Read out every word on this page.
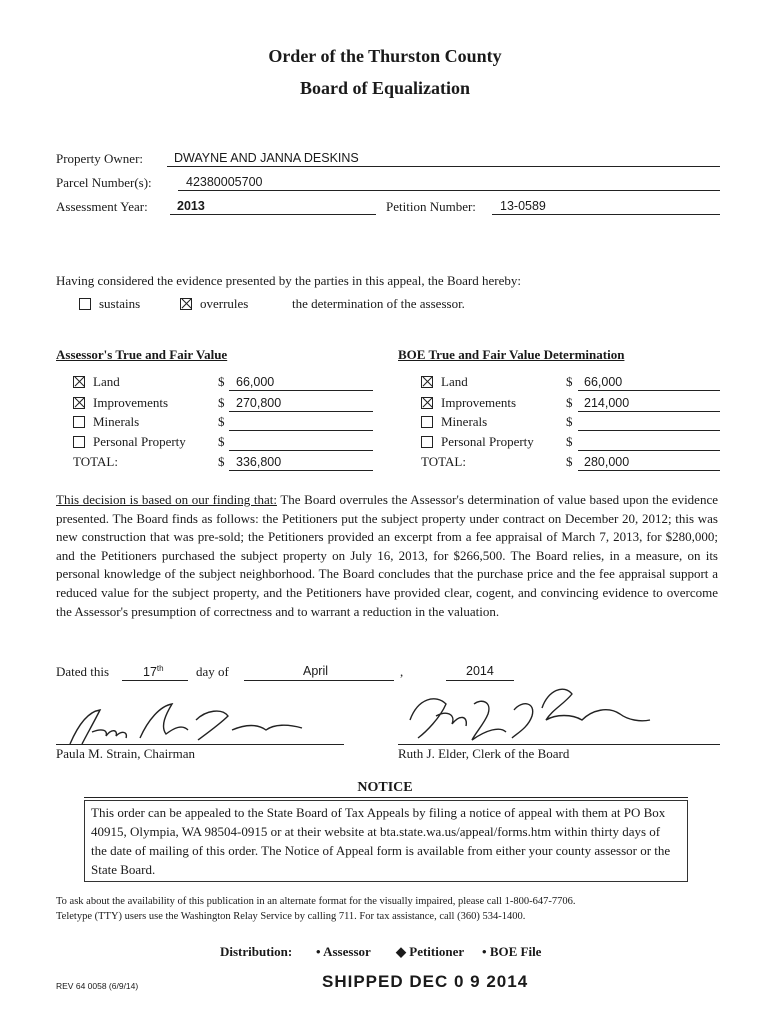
Order of the Thurston County
Board of Equalization
Property Owner: DWAYNE AND JANNA DESKINS
Parcel Number(s):	42380005700
Assessment Year: 2013	Petition Number: 13-0589
Having considered the evidence presented by the parties in this appeal, the Board hereby:
sustains	overrules	the determination of the assessor.
Assessor's True and Fair Value
Land	$ 66,000
Improvements	$ 270,800
Minerals	$
Personal Property $
TOTAL:	$ 336,800
BOE True and Fair Value Determination
Land	$ 66,000
Improvements	$ 214,000
Minerals	$
Personal Property $
TOTAL:	$ 280,000
This decision is based on our finding that: The Board overrules the Assessor's determination of value based upon the evidence presented. The Board finds as follows: the Petitioners put the subject property under contract on December 20, 2012; this was new construction that was pre-sold; the Petitioners provided an excerpt from a fee appraisal of March 7, 2013, for $280,000; and the Petitioners purchased the subject property on July 16, 2013, for $266,500. The Board relies, in a measure, on its personal knowledge of the subject neighborhood. The Board concludes that the purchase price and the fee appraisal support a reduced value for the subject property, and the Petitioners have provided clear, cogent, and convincing evidence to overcome the Assessor's presumption of correctness and to warrant a reduction in the valuation.
Dated this	17th day of	April	,	2014
Paula M. Strain, Chairman	Ruth J. Elder, Clerk of the Board
NOTICE
This order can be appealed to the State Board of Tax Appeals by filing a notice of appeal with them at PO Box 40915, Olympia, WA 98504-0915 or at their website at bta.state.wa.us/appeal/forms.htm within thirty days of the date of mailing of this order. The Notice of Appeal form is available from either your county assessor or the State Board.
To ask about the availability of this publication in an alternate format for the visually impaired, please call 1-800-647-7706.
Teletype (TTY) users use the Washington Relay Service by calling 711. For tax assistance, call (360) 534-1400.
Distribution: • Assessor ◆ Petitioner • BOE File
REV 64 0058 (6/9/14)	SHIPPED DEC 0 9 2014
